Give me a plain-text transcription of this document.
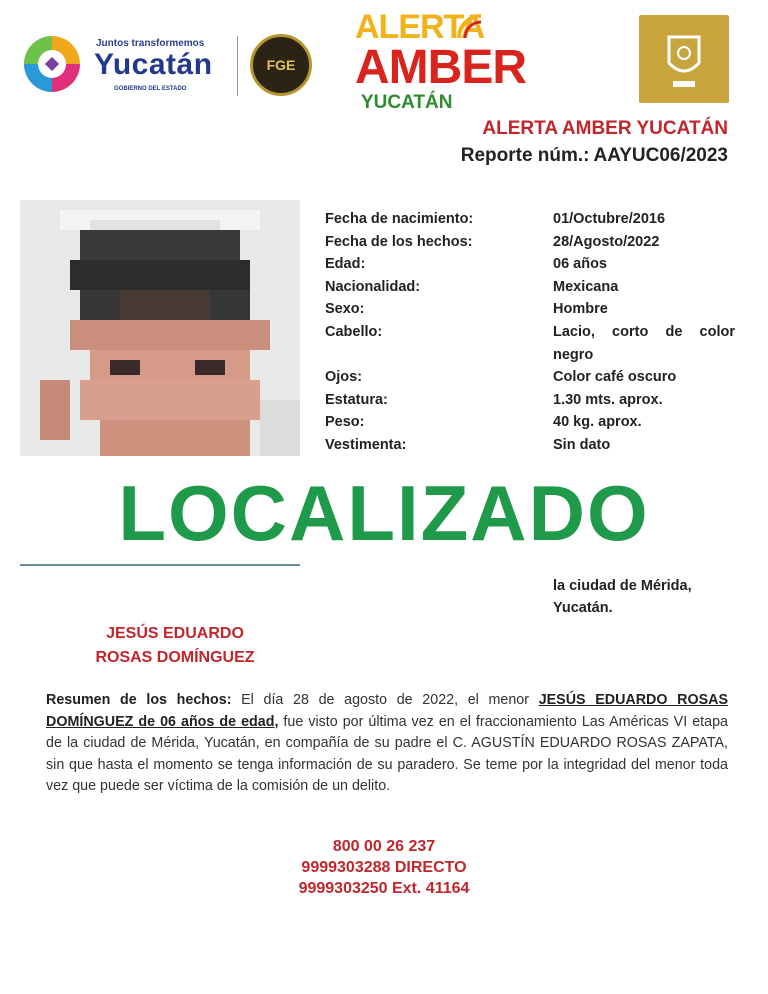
Juntos transformemos
Yucatán
GOBIERNO DEL ESTADO
FGE
ALERTA
AMBER
YUCATÁN
ALERTA AMBER YUCATÁN
Reporte núm.: AAYUC06/2023
Fecha de nacimiento:	01/Octubre/2016
Fecha de los hechos:	28/Agosto/2022
Edad:	06 años
Nacionalidad:	Mexicana
Sexo:	Hombre
Cabello:	Lacio, corto de color negro
Ojos:	Color café oscuro
Estatura:	1.30 mts. aprox.
Peso:	40 kg. aprox.
Vestimenta:	Sin dato
LOCALIZADO
la ciudad de Mérida, Yucatán.
JESÚS EDUARDO
ROSAS DOMÍNGUEZ
Resumen de los hechos: El día 28 de agosto de 2022, el menor JESÚS EDUARDO ROSAS DOMÍNGUEZ de 06 años de edad, fue visto por última vez en el fraccionamiento Las Américas VI etapa de la ciudad de Mérida, Yucatán, en compañía de su padre el C. AGUSTÍN EDUARDO ROSAS ZAPATA, sin que hasta el momento se tenga información de su paradero. Se teme por la integridad del menor toda vez que puede ser víctima de la comisión de un delito.
800 00 26 237
9999303288 DIRECTO
9999303250 Ext. 41164
